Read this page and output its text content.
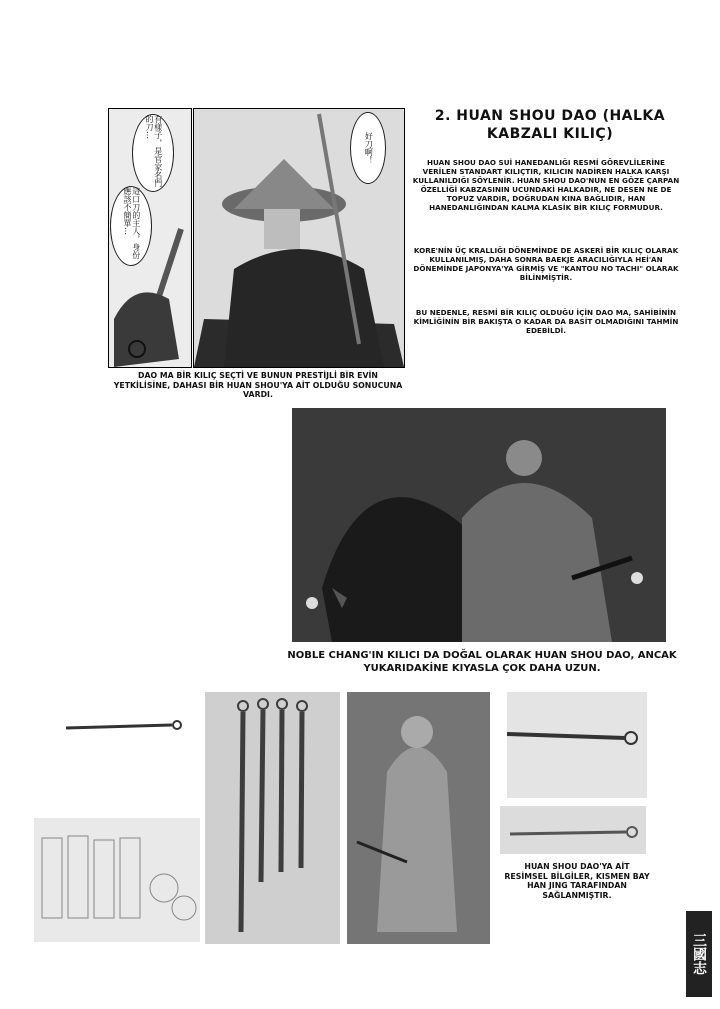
有樣子，是官家名門的刀…
這口刀的主人，身份應該不簡單…
好刀啊！
DAO MA BİR KILIÇ SEÇTİ VE BUNUN PRESTİJLİ BİR EVİN YETKİLİSİNE, DAHASI BİR HUAN SHOU'YA AİT OLDUĞU SONUCUNA VARDI.
2. HUAN SHOU DAO (HALKA
KABZALI KILIÇ)
HUAN SHOU DAO SUİ HANEDANLIĞI RESMİ GÖREVLİLERİNE VERİLEN STANDART KILIÇTIR, KILICIN NADİREN HALKA KARŞI KULLANILDIĞI SÖYLENİR. HUAN SHOU DAO'NUN EN GÖZE ÇARPAN ÖZELLİĞİ KABZASININ UCUNDAKİ HALKADIR, NE DESEN NE DE TOPUZ VARDIR, DOĞRUDAN KINA BAĞLIDIR, HAN HANEDANLIĞINDAN KALMA KLASİK BİR KILIÇ FORMUDUR.
KORE'NİN ÜÇ KRALLIĞI DÖNEMİNDE DE ASKERİ BİR KILIÇ OLARAK KULLANILMIŞ, DAHA SONRA BAEKJE ARACILIĞIYLA HEİ'AN DÖNEMİNDE JAPONYA'YA GİRMİŞ VE "KANTOU NO TACHI" OLARAK BİLİNMİŞTİR.
BU NEDENLE, RESMİ BİR KILIÇ OLDUĞU İÇİN DAO MA, SAHİBİNİN KİMLİĞİNİN BİR BAKIŞTA O KADAR DA BASİT OLMADIĞINI TAHMİN EDEBİLDİ.
NOBLE CHANG'IN KILICI DA DOĞAL OLARAK HUAN SHOU DAO, ANCAK YUKARIDAKİNE KIYASLA ÇOK DAHA UZUN.
HUAN SHOU DAO'YA AİT RESİMSEL BİLGİLER, KISMEN BAY HAN JING TARAFINDAN SAĞLANMIŞTIR.
三國志
